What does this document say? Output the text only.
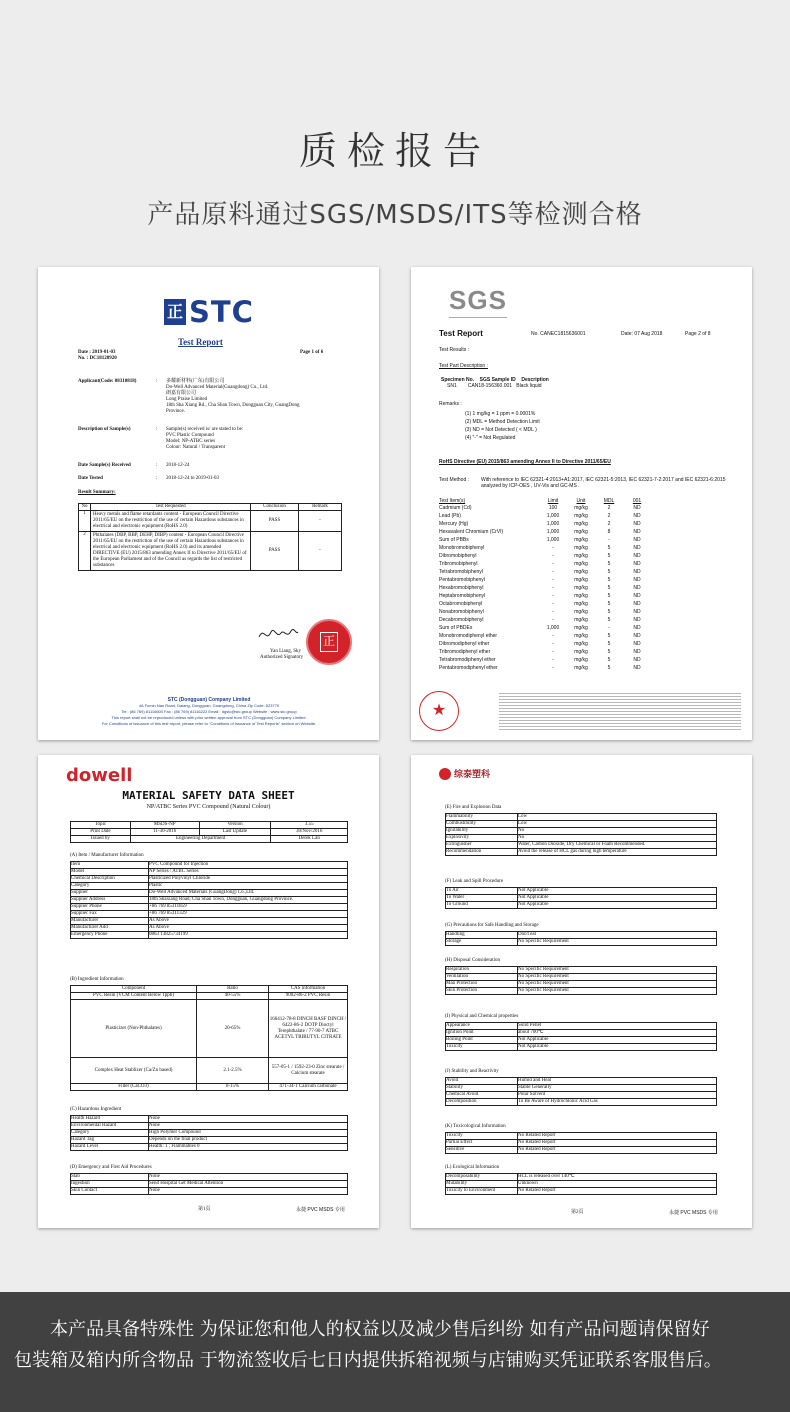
质检报告
产品原料通过SGS/MSDS/ITS等检测合格
正 STC
Test Report
Date : 2019-01-03
No. : DC18120920
Page 1 of 6
Applicant(Code: 08310818)	: 多耀新材料(广东)有限公司
Do-Well Advanced Material(Guangdong) Co., Ltd.
朗嘉有限公司
Long Praise Limited
18th Sha Xiang Rd., Cha Shan Town, Dongguan City, GuangDong
Province.
Description of Sample(s)	: Sample(s) received is/ are stated to be:
PVC Plastic Compound
Model: NP-ATBC series
Colour: Natural / Transparent
Date Sample(s) Received	: 2018-12-24
Date Tested	: 2018-12-24 to 2019-01-03
Result Summary:
No	Test Requested	Conclusion	Remark
1	Heavy metals and flame retardants content - European Council Directive 2011/65/EU on the restriction of the use of certain Hazardous substances in electrical and electronic equipment (RoHS 2.0)	PASS	-
2	Phthalates (DBP, BBP, DEHP, DIBP) content - European Council Directive 2011/65/EU on the restriction of the use of certain Hazardous substances in electrical and electronic equipment (RoHS 2.0) and its amended DIRECTIVE (EU) 2015/863 amending Annex II to Directive 2011/65/EU of the European Parliament and of the Council as regards the list of restricted substances	PASS	-
Yan Liang, Sky
Authorized Signatory
正
STC (Dongguan) Company Limited
4A Fumin Nan Road, Dalang, Dongguan, Guangdong, China Zip Code: 523770
Tel : (86 769) 81116600 Fax : (86 769) 81116222 Email : dgstc@stc.group Website : www.stc.group
This report shall not be reproduced unless with prior written approval from STC (Dongguan) Company Limited.
For Conditions of issuance of this test report, please refer to "Conditions of Issuance of Test Reports" section on Website.
SGS
Test Report	No. CANEC1815636001	Date: 07 Aug 2018	Page 2 of 8
Test Results :
Test Part Description :
Specimen No. SGS Sample ID Description
SN1 CAN18-156360.001 Black liquid
Remarks :
(1) 1 mg/kg = 1 ppm = 0.0001%
(2) MDL = Method Detection Limit
(3) ND = Not Detected ( < MDL )
(4) "-" = Not Regulated
RoHS Directive (EU) 2015/863 amending Annex II to Directive 2011/65/EU
Test Method : With reference to IEC 62321-4:2013+A1:2017, IEC 62321-5:2013, IEC 62321-7-2:2017 and IEC 62321-6:2015 analyzed by ICP-OES , UV-Vis and GC-MS .
Test Item(s)	Limit	Unit	MDL	001
Cadmium (Cd)	100	mg/kg	2	ND
Lead (Pb)	1,000	mg/kg	2	ND
Mercury (Hg)	1,000	mg/kg	2	ND
Hexavalent Chromium (CrVI)	1,000	mg/kg	8	ND
Sum of PBBs	1,000	mg/kg	-	ND
Monobromobiphenyl	-	mg/kg	5	ND
Dibromobiphenyl	-	mg/kg	5	ND
Tribromobiphenyl	-	mg/kg	5	ND
Tetrabromobiphenyl	-	mg/kg	5	ND
Pentabromobiphenyl	-	mg/kg	5	ND
Hexabromobiphenyl	-	mg/kg	5	ND
Heptabromobiphenyl	-	mg/kg	5	ND
Octabromobiphenyl	-	mg/kg	5	ND
Nonabromobiphenyl	-	mg/kg	5	ND
Decabromobiphenyl	-	mg/kg	5	ND
Sum of PBDEs	1,000	mg/kg	-	ND
Monobromodiphenyl ether	-	mg/kg	5	ND
Dibromodiphenyl ether	-	mg/kg	5	ND
Tribromodiphenyl ether	-	mg/kg	5	ND
Tetrabromodiphenyl ether	-	mg/kg	5	ND
Pentabromodiphenyl ether	-	mg/kg	5	ND
★
dowell
MATERIAL SAFETY DATA SHEET
NP/ATBC Series PVC Compound (Natural Colour)
Topic	MSDS-NP	Version	3.55
Print Date	11-30-2016	Last Update	30/Nov/2016
Issued by	Engineering Department		Derek Lan
(A) Item / Manufacturer Information
Item	PVC Compound for Injection
Model	NP Series / ATBC Series
Chemical Description	Plasticized Polyvinyl Chloride
Category	Plastic
Supplier	Do-Well Advanced Materials (GuangDong) Co.,Ltd.
Supplier Address	18th Shaxiang Road, Cha Shan Town, Dongguan, Guangdong Province.
Supplier Phone	+86 769 85311859
Supplier Fax	+86 769 85311329
Manufacturer	As Above
Manufacturer Add	As Above
Emergency Phone	0863 13825734199
(B) Ingredient Information
Component	Ratio	CAS information
PVC Resin (VCM Content Below 1ppb)	40-55%	9002-86-2 PVC Resin
Plasticizer (Non-Phthalates)	20-65%	166412-78-8 DINCH BASF DINCH / 6422-86-2 DOTP Dioctyl Terephthalate / 77-90-7 ATBC ACETYL TRIBUTYL CITRATE
Complex Heat Stablizer (Ca/Zn based)	2.1-2.5%	557-05-1 / 1592-23-0 Zinc stearate / Calcium stearate
Filler (CaCO3)	0-15%	471-34-1 Calcium carbonate
(C) Hazardous Ingredient
Health Hazard	None
Environmental Hazard	None
Category	High Polymer Compound
Hazard Tag	Depends on the final product
Hazard Level	Health: 1 ; Flammables 0
(D) Emergency and First Aid Procedures
Stab	None
Ingestion	Send Hospital Get Medical Attention
Skin Contact	None
第1页	永捷 PVC MSDS 专用
综泰塑科
(E) Fire and Explosion Data
Flammability	Low
Combustibility	Low
Ignitability	No
Explosivity	No
Extinguisher	Water, Carbon Dioxide, Dry Chemical or Foam Recommended.
Recommendation	Avoid the release of HCL gas during high temperature
(F) Leak and Spill Procedure
To Air	Not Applicable
To Water	Not Applicable
To Ground	Not Applicable
(G) Precautions for Safe Handling and Storage
Handling	Don't eat
Storage	No Specific Requirement
(H) Disposal Consideration
Respiration	No Specific Requirement
Ventilation	No Specific Requirement
Man Protection	No Specific Requirement
Skin Protection	No Specific Requirement
(I) Physical and Chemical properties
Appearance	Solid Pellet
Ignition Point	about 700℃
Boiling Point	Not Applicable
Toxicity	Not Applicable
(J) Stability and Reactivity
Avoid	Humid and Heat
Stability	Stable Generally
Chemical Avoid	Polar Solvent
Decomposition	To Be Aware of Hydrochlonic Acid Gas
(K) Toxicological Information
Toxicity	No Related Report
Partial Effect	No Related Report
Sensitive	No Related Report
(L) Ecological Information
Decomposability	HCL is released over 140℃
Mutability	Unknown
Toxicity to Environment	No Related Report
第2页	永捷 PVC MSDS 专用
本产品具备特殊性 为保证您和他人的权益以及减少售后纠纷 如有产品问题请保留好
包装箱及箱内所含物品 于物流签收后七日内提供拆箱视频与店铺购买凭证联系客服售后。
